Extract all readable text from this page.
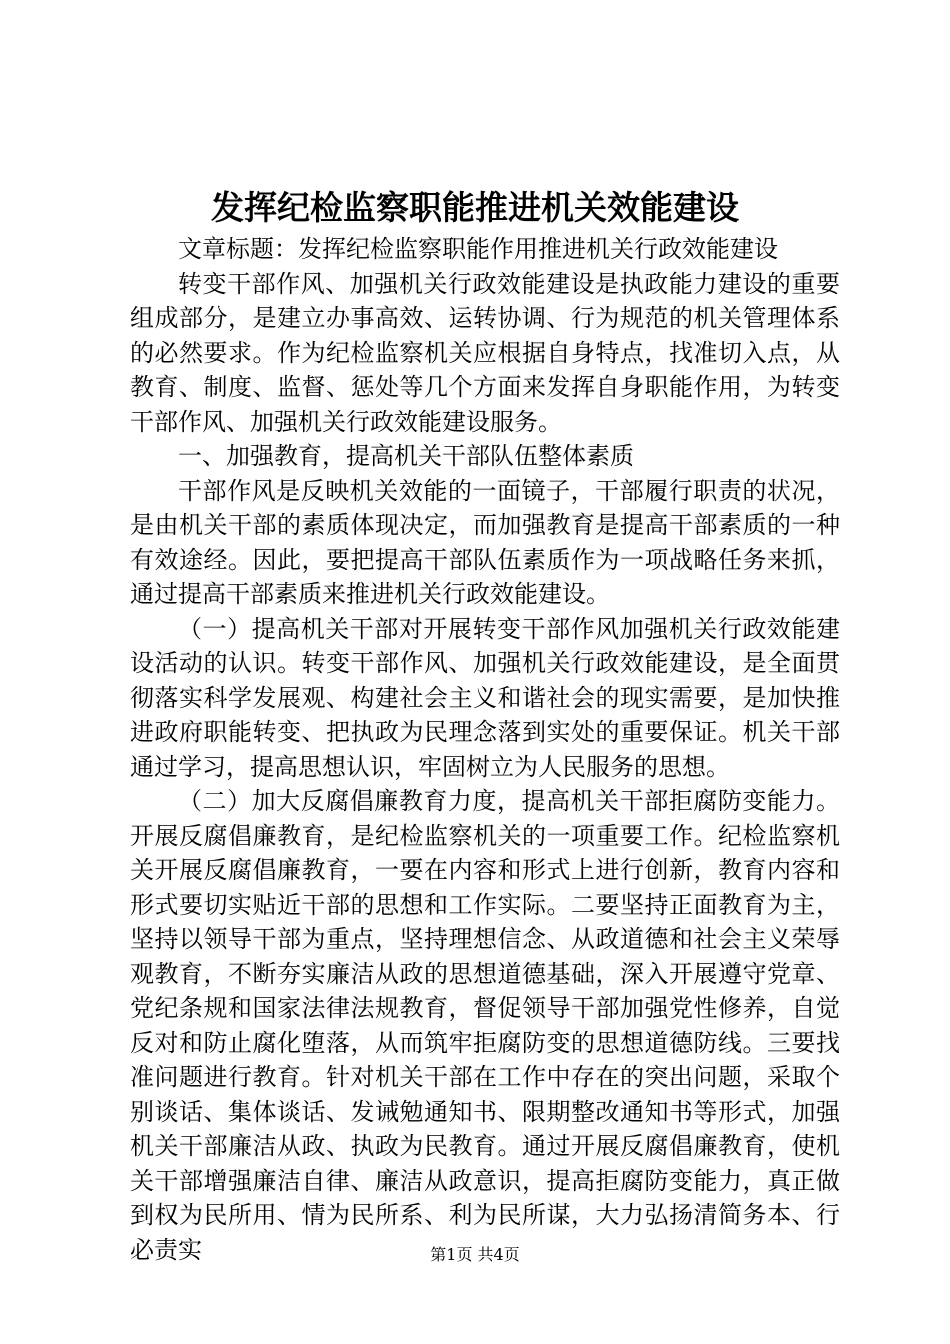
发挥纪检监察职能推进机关效能建设

文章标题：发挥纪检监察职能作用推进机关行政效能建设

转变干部作风、加强机关行政效能建设是执政能力建设的重要组成部分，是建立办事高效、运转协调、行为规范的机关管理体系的必然要求。作为纪检监察机关应根据自身特点，找准切入点，从教育、制度、监督、惩处等几个方面来发挥自身职能作用，为转变干部作风、加强机关行政效能建设服务。

一、加强教育，提高机关干部队伍整体素质

干部作风是反映机关效能的一面镜子，干部履行职责的状况，是由机关干部的素质体现决定，而加强教育是提高干部素质的一种有效途经。因此，要把提高干部队伍素质作为一项战略任务来抓，通过提高干部素质来推进机关行政效能建设。

（一）提高机关干部对开展转变干部作风加强机关行政效能建设活动的认识。转变干部作风、加强机关行政效能建设，是全面贯彻落实科学发展观、构建社会主义和谐社会的现实需要，是加快推进政府职能转变、把执政为民理念落到实处的重要保证。机关干部通过学习，提高思想认识，牢固树立为人民服务的思想。

（二）加大反腐倡廉教育力度，提高机关干部拒腐防变能力。开展反腐倡廉教育，是纪检监察机关的一项重要工作。纪检监察机关开展反腐倡廉教育，一要在内容和形式上进行创新，教育内容和形式要切实贴近干部的思想和工作实际。二要坚持正面教育为主，坚持以领导干部为重点，坚持理想信念、从政道德和社会主义荣辱观教育，不断夯实廉洁从政的思想道德基础，深入开展遵守党章、党纪条规和国家法律法规教育，督促领导干部加强党性修养，自觉反对和防止腐化堕落，从而筑牢拒腐防变的思想道德防线。三要找准问题进行教育。针对机关干部在工作中存在的突出问题，采取个别谈话、集体谈话、发诫勉通知书、限期整改通知书等形式，加强机关干部廉洁从政、执政为民教育。通过开展反腐倡廉教育，使机关干部增强廉洁自律、廉洁从政意识，提高拒腐防变能力，真正做到权为民所用、情为民所系、利为民所谋，大力弘扬清简务本、行必责实	第1页 共4页
